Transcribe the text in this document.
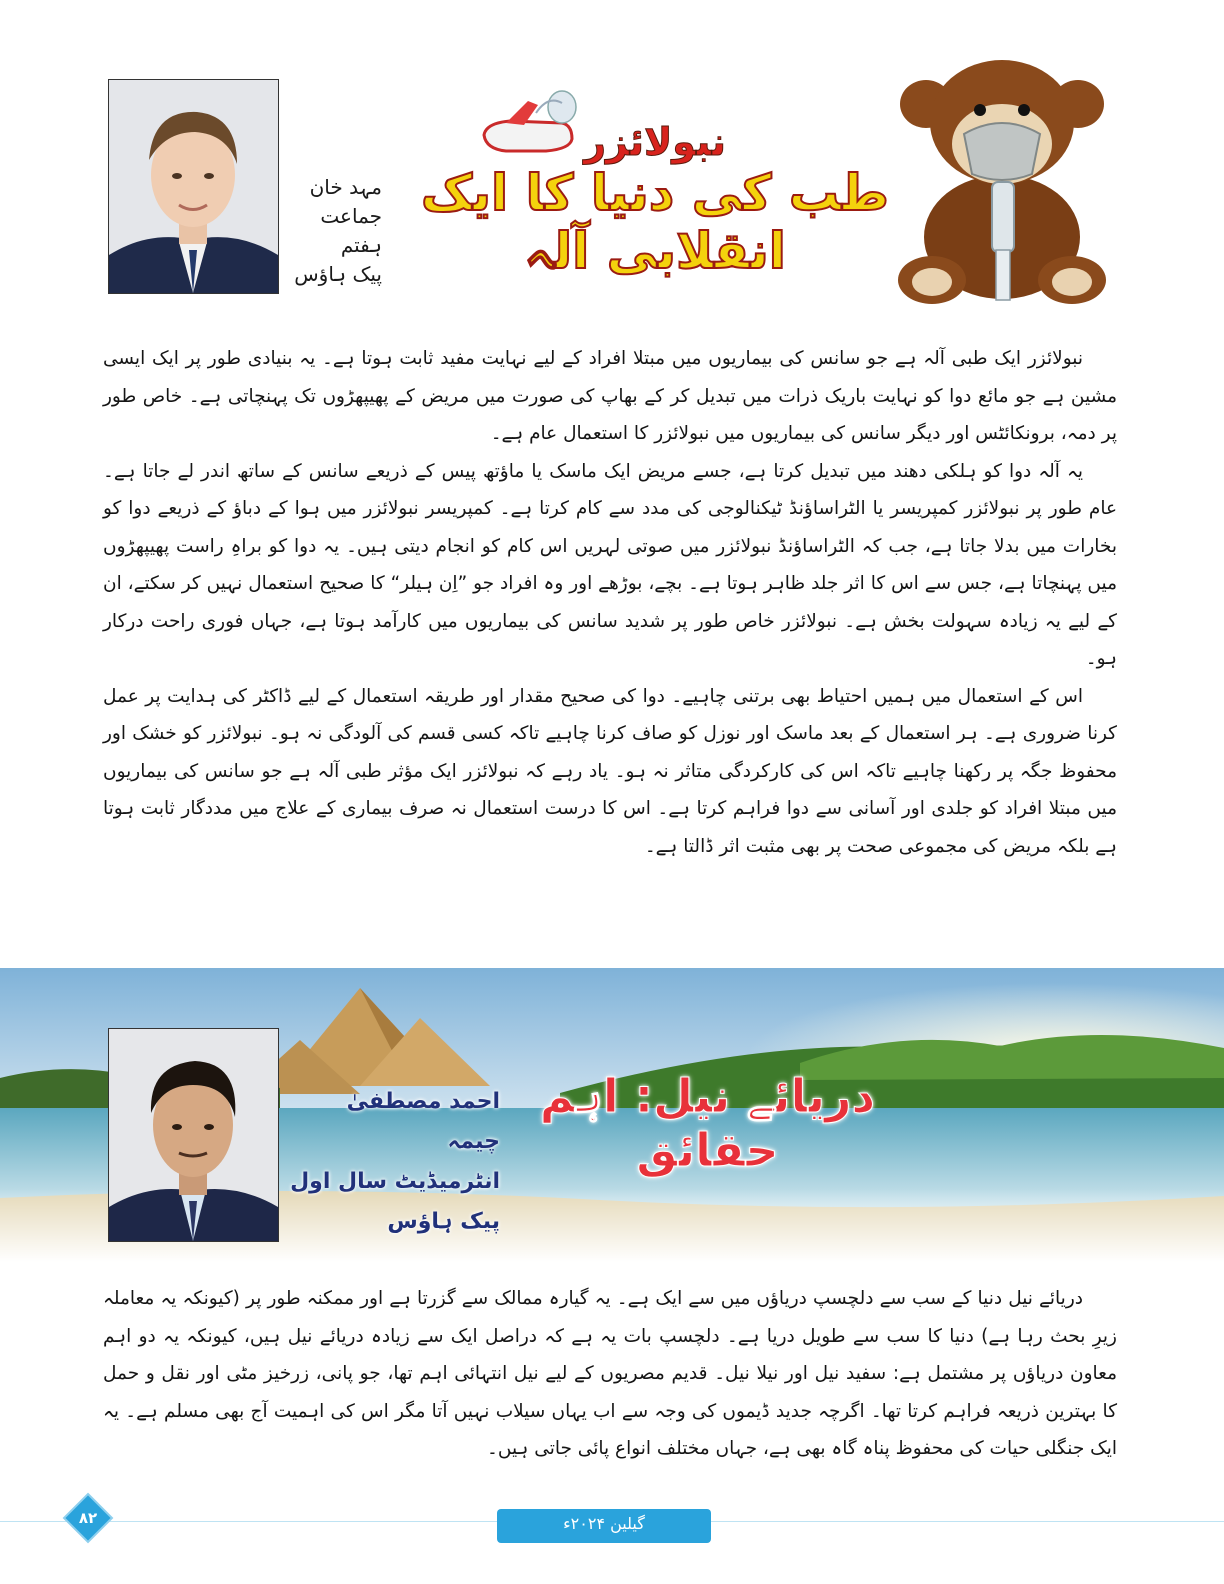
مہد خان
جماعت ہفتم
پیک ہاؤس
نبولائزر
طب کی دنیا کا ایک انقلابی آلہ

نبولائزر ایک طبی آلہ ہے جو سانس کی بیماریوں میں مبتلا افراد کے لیے نہایت مفید ثابت ہوتا ہے۔ یہ بنیادی طور پر ایک ایسی مشین ہے جو مائع دوا کو نہایت باریک ذرات میں تبدیل کر کے بھاپ کی صورت میں مریض کے پھیپھڑوں تک پہنچاتی ہے۔ خاص طور پر دمہ، برونکائٹس اور دیگر سانس کی بیماریوں میں نبولائزر کا استعمال عام ہے۔

یہ آلہ دوا کو ہلکی دھند میں تبدیل کرتا ہے، جسے مریض ایک ماسک یا ماؤتھ پیس کے ذریعے سانس کے ساتھ اندر لے جاتا ہے۔ عام طور پر نبولائزر کمپریسر یا الٹراساؤنڈ ٹیکنالوجی کی مدد سے کام کرتا ہے۔ کمپریسر نبولائزر میں ہوا کے دباؤ کے ذریعے دوا کو بخارات میں بدلا جاتا ہے، جب کہ الٹراساؤنڈ نبولائزر میں صوتی لہریں اس کام کو انجام دیتی ہیں۔ یہ دوا کو براہِ راست پھیپھڑوں میں پہنچاتا ہے، جس سے اس کا اثر جلد ظاہر ہوتا ہے۔ بچے، بوڑھے اور وہ افراد جو ”اِن ہیلر“ کا صحیح استعمال نہیں کر سکتے، ان کے لیے یہ زیادہ سہولت بخش ہے۔ نبولائزر خاص طور پر شدید سانس کی بیماریوں میں کارآمد ہوتا ہے، جہاں فوری راحت درکار ہو۔

اس کے استعمال میں ہمیں احتیاط بھی برتنی چاہیے۔ دوا کی صحیح مقدار اور طریقہ استعمال کے لیے ڈاکٹر کی ہدایت پر عمل کرنا ضروری ہے۔ ہر استعمال کے بعد ماسک اور نوزل کو صاف کرنا چاہیے تاکہ کسی قسم کی آلودگی نہ ہو۔ نبولائزر کو خشک اور محفوظ جگہ پر رکھنا چاہیے تاکہ اس کی کارکردگی متاثر نہ ہو۔ یاد رہے کہ نبولائزر ایک مؤثر طبی آلہ ہے جو سانس کی بیماریوں میں مبتلا افراد کو جلدی اور آسانی سے دوا فراہم کرتا ہے۔ اس کا درست استعمال نہ صرف بیماری کے علاج میں مددگار ثابت ہوتا ہے بلکہ مریض کی مجموعی صحت پر بھی مثبت اثر ڈالتا ہے۔

دریائے نیل: اہم حقائق
احمد مصطفیٰ چیمہ
انٹرمیڈیٹ سال اول
پیک ہاؤس

دریائے نیل دنیا کے سب سے دلچسپ دریاؤں میں سے ایک ہے۔ یہ گیارہ ممالک سے گزرتا ہے اور ممکنہ طور پر (کیونکہ یہ معاملہ زیرِ بحث رہا ہے) دنیا کا سب سے طویل دریا ہے۔ دلچسپ بات یہ ہے کہ دراصل ایک سے زیادہ دریائے نیل ہیں، کیونکہ یہ دو اہم معاون دریاؤں پر مشتمل ہے: سفید نیل اور نیلا نیل۔ قدیم مصریوں کے لیے نیل انتہائی اہم تھا، جو پانی، زرخیز مٹی اور نقل و حمل کا بہترین ذریعہ فراہم کرتا تھا۔ اگرچہ جدید ڈیموں کی وجہ سے اب یہاں سیلاب نہیں آتا مگر اس کی اہمیت آج بھی مسلم ہے۔ یہ ایک جنگلی حیات کی محفوظ پناہ گاہ بھی ہے، جہاں مختلف انواع پائی جاتی ہیں۔

۸۲	گیلین ۲۰۲۴ء
